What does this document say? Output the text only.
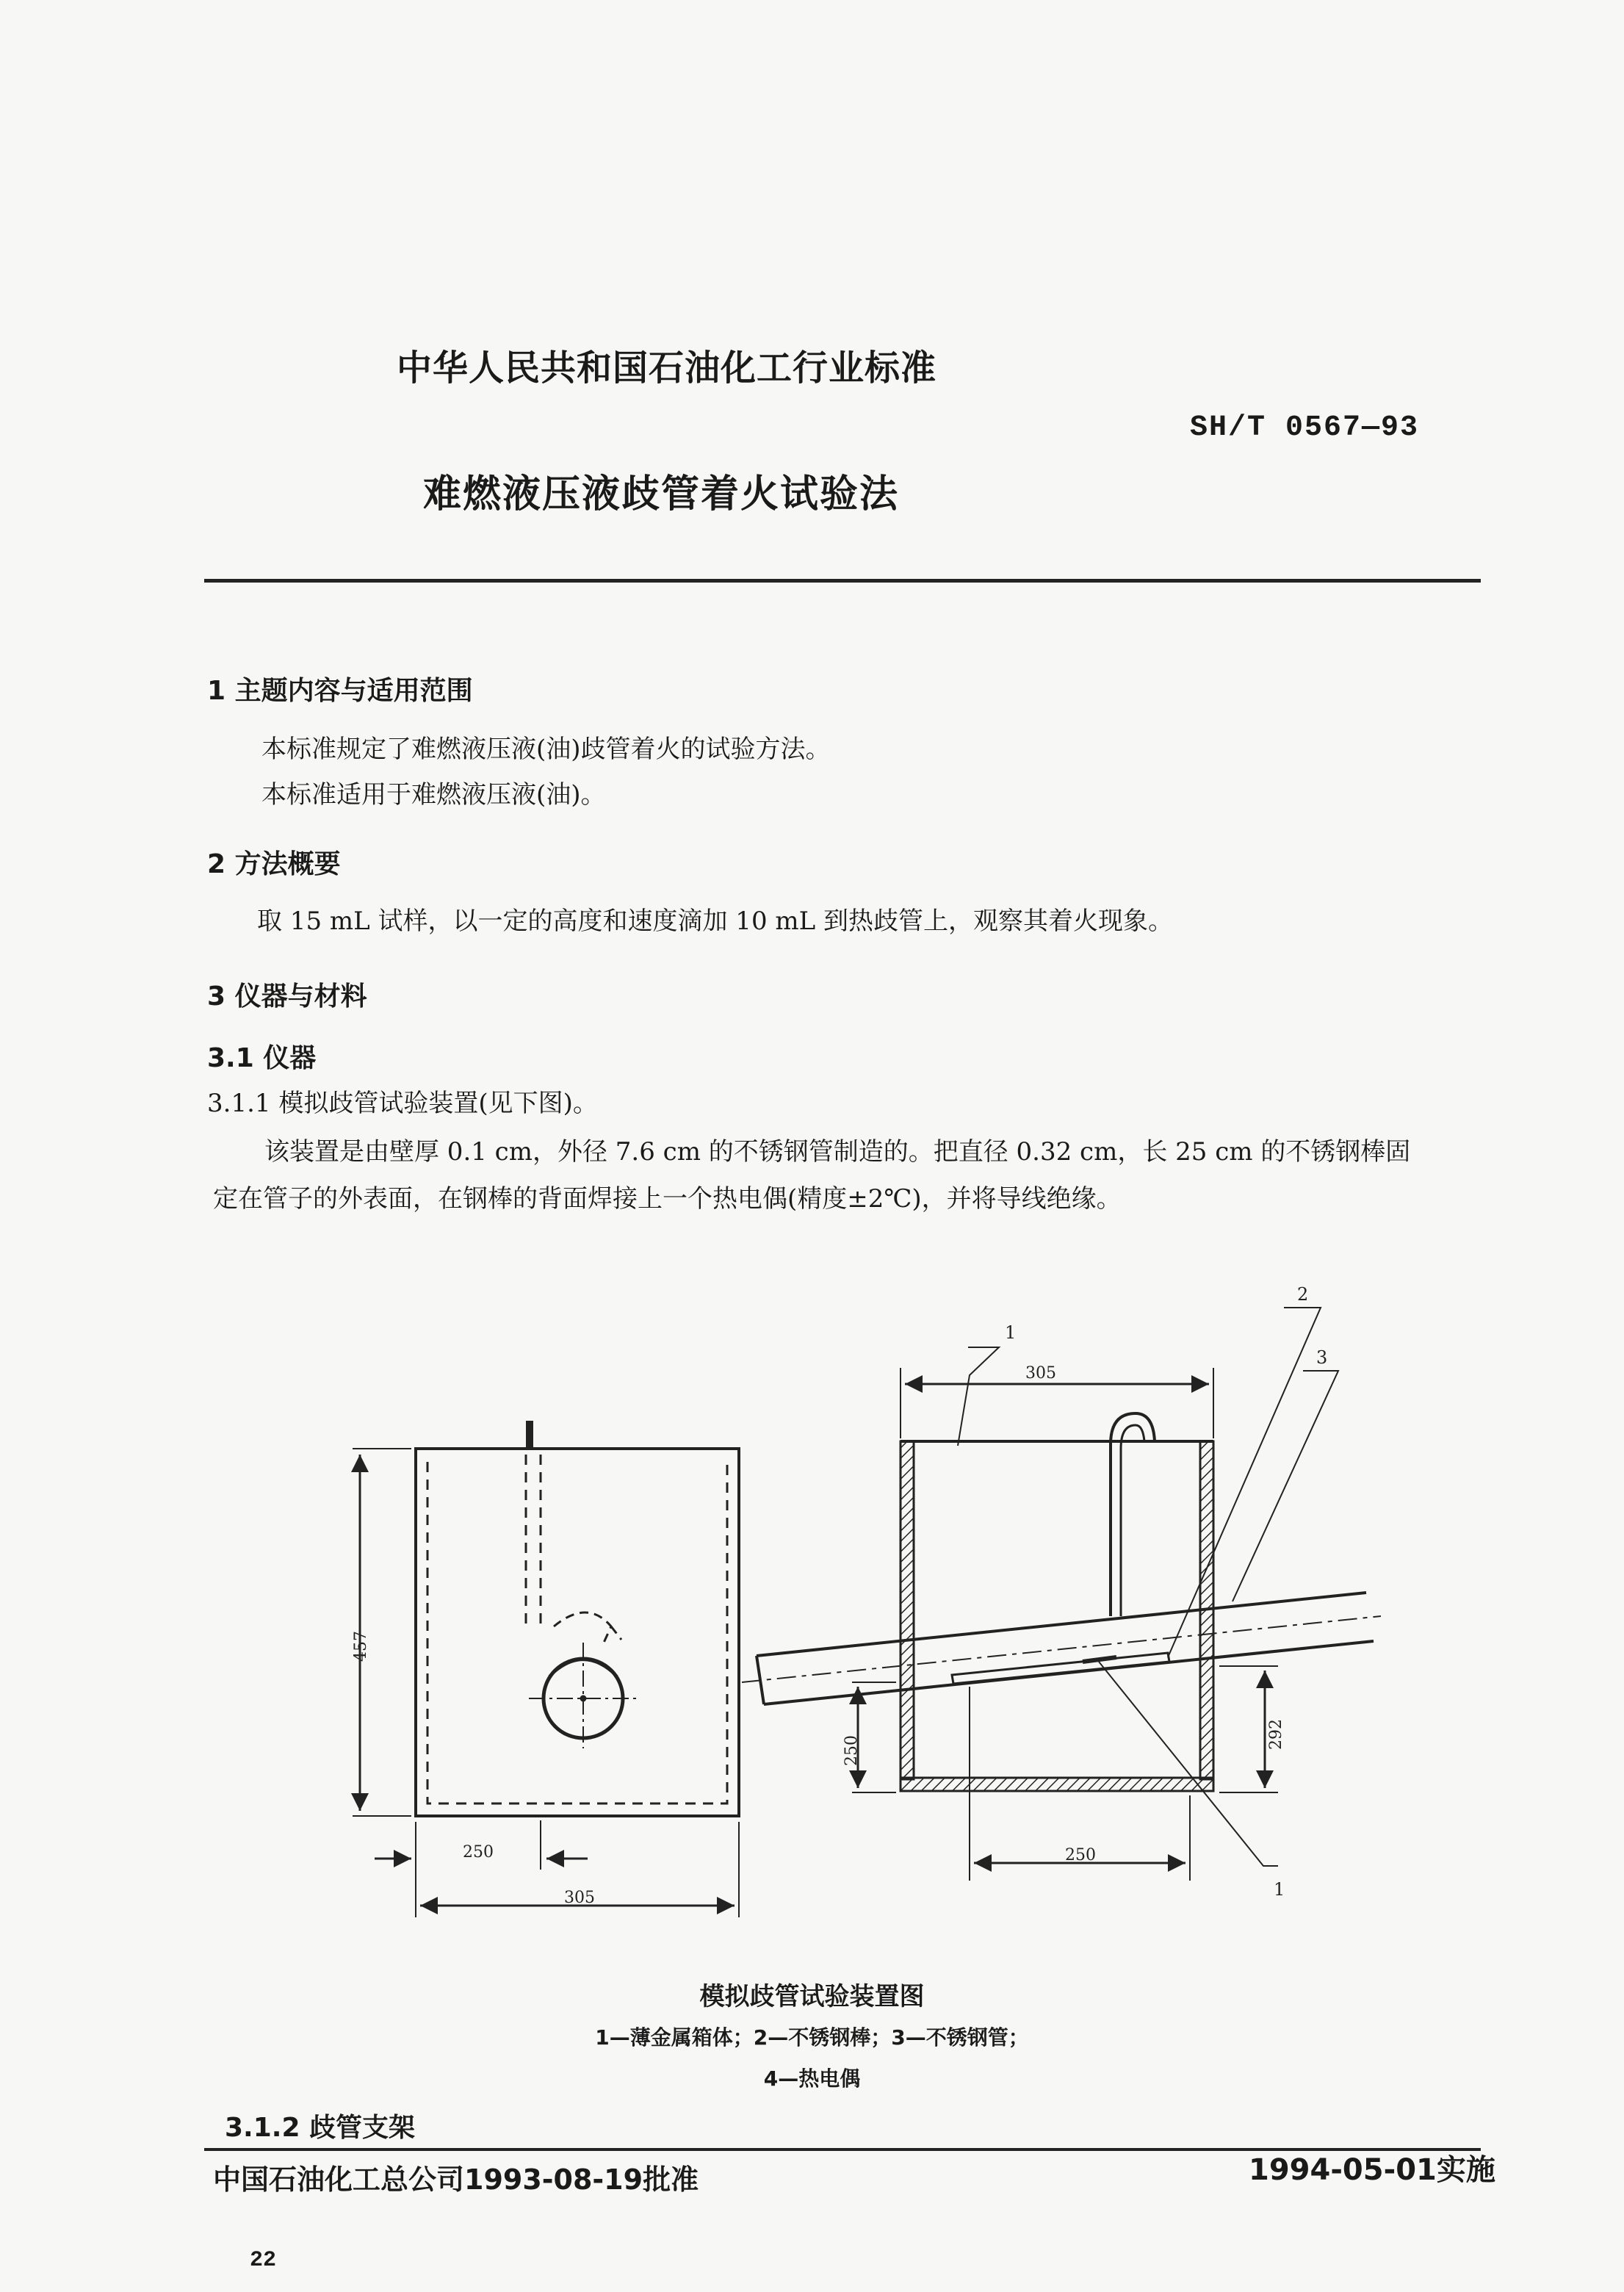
中华人民共和国石油化工行业标准
SH/T 0567—93
难燃液压液歧管着火试验法
1 主题内容与适用范围
本标准规定了难燃液压液(油)歧管着火的试验方法。
本标准适用于难燃液压液(油)。
2 方法概要
取 15 mL 试样，以一定的高度和速度滴加 10 mL 到热歧管上，观察其着火现象。
3 仪器与材料
3.1 仪器
3.1.1 模拟歧管试验装置(见下图)。
该装置是由壁厚 0.1 cm，外径 7.6 cm 的不锈钢管制造的。把直径 0.32 cm，长 25 cm 的不锈钢棒固
定在管子的外表面，在钢棒的背面焊接上一个热电偶(精度±2℃)，并将导线绝缘。
457
250
305
305
250
292
250
1
2
3
1
模拟歧管试验装置图
1—薄金属箱体；2—不锈钢棒；3—不锈钢管；
4—热电偶
3.1.2 歧管支架
中国石油化工总公司1993-08-19批准	1994-05-01实施
22
